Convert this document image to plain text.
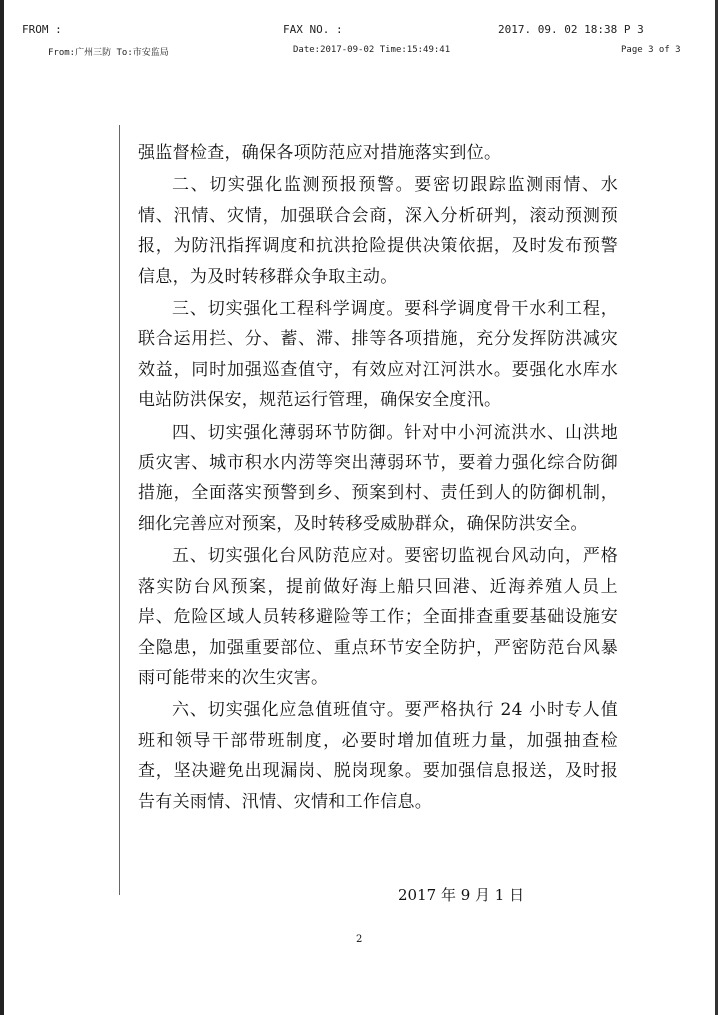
FROM :	FAX NO. :	2017. 09. 02 18:38 P 3
From:广州三防 To:市安监局	Date:2017-09-02 Time:15:49:41	Page 3 of 3

强监督检查，确保各项防范应对措施落实到位。

二、切实强化监测预报预警。要密切跟踪监测雨情、水情、汛情、灾情，加强联合会商，深入分析研判，滚动预测预报，为防汛指挥调度和抗洪抢险提供决策依据，及时发布预警信息，为及时转移群众争取主动。

三、切实强化工程科学调度。要科学调度骨干水利工程，联合运用拦、分、蓄、滞、排等各项措施，充分发挥防洪减灾效益，同时加强巡查值守，有效应对江河洪水。要强化水库水电站防洪保安，规范运行管理，确保安全度汛。

四、切实强化薄弱环节防御。针对中小河流洪水、山洪地质灾害、城市积水内涝等突出薄弱环节，要着力强化综合防御措施，全面落实预警到乡、预案到村、责任到人的防御机制，细化完善应对预案，及时转移受威胁群众，确保防洪安全。

五、切实强化台风防范应对。要密切监视台风动向，严格落实防台风预案，提前做好海上船只回港、近海养殖人员上岸、危险区域人员转移避险等工作；全面排查重要基础设施安全隐患，加强重要部位、重点环节安全防护，严密防范台风暴雨可能带来的次生灾害。

六、切实强化应急值班值守。要严格执行 24 小时专人值班和领导干部带班制度，必要时增加值班力量，加强抽查检查，坚决避免出现漏岗、脱岗现象。要加强信息报送，及时报告有关雨情、汛情、灾情和工作信息。

2017 年 9 月 1 日
2
